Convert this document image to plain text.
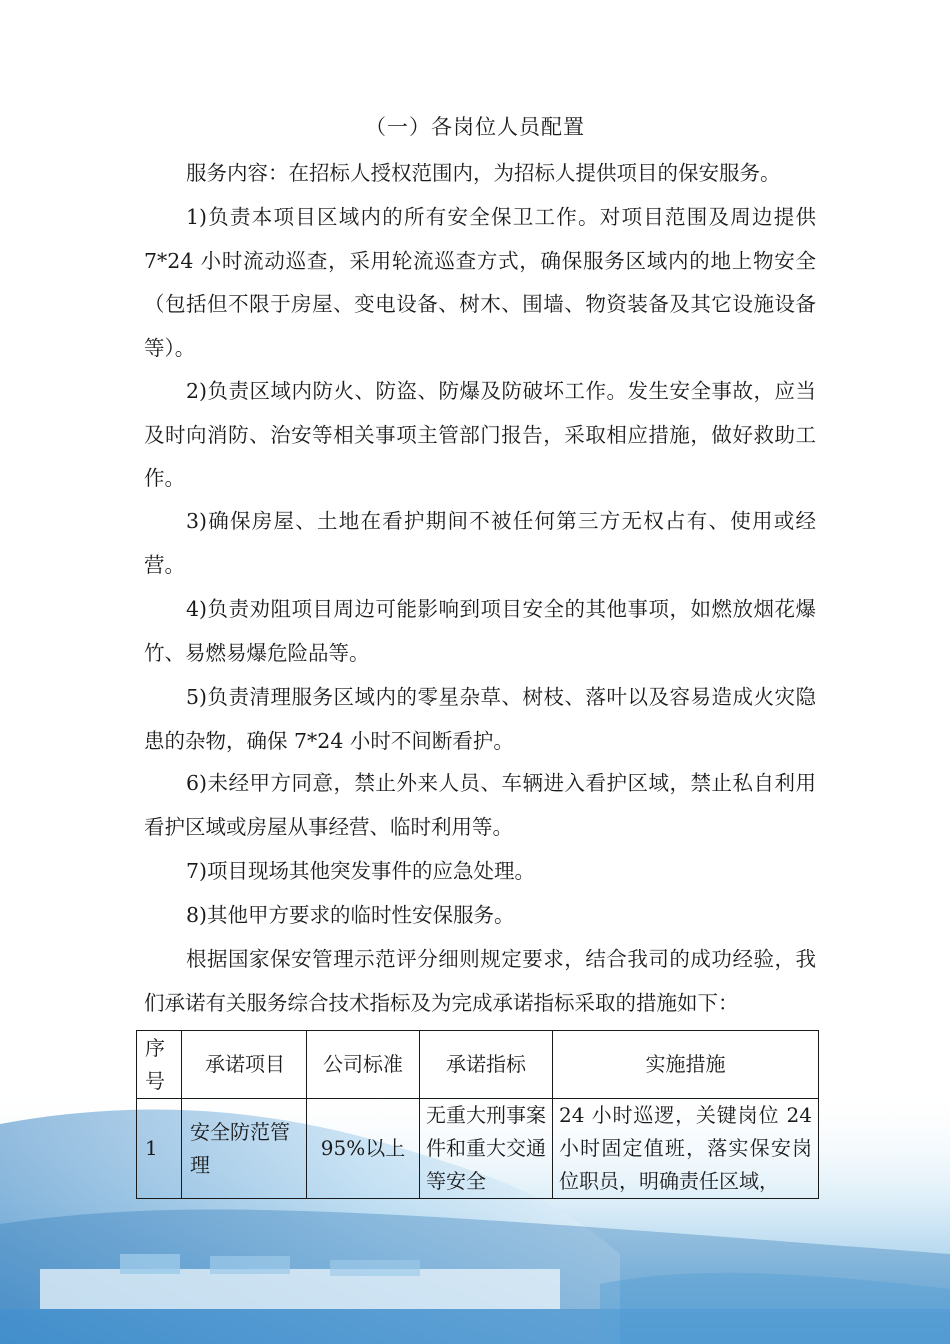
（一）各岗位人员配置
服务内容：在招标人授权范围内，为招标人提供项目的保安服务。
1)负责本项目区域内的所有安全保卫工作。对项目范围及周边提供 7*24 小时流动巡查，采用轮流巡查方式，确保服务区域内的地上物安全（包括但不限于房屋、变电设备、树木、围墙、物资装备及其它设施设备等）。
2)负责区域内防火、防盗、防爆及防破坏工作。发生安全事故，应当及时向消防、治安等相关事项主管部门报告，采取相应措施，做好救助工作。
3)确保房屋、土地在看护期间不被任何第三方无权占有、使用或经营。
4)负责劝阻项目周边可能影响到项目安全的其他事项，如燃放烟花爆竹、易燃易爆危险品等。
5)负责清理服务区域内的零星杂草、树枝、落叶以及容易造成火灾隐患的杂物，确保 7*24 小时不间断看护。
6)未经甲方同意，禁止外来人员、车辆进入看护区域，禁止私自利用看护区域或房屋从事经营、临时利用等。
7)项目现场其他突发事件的应急处理。
8)其他甲方要求的临时性安保服务。
根据国家保安管理示范评分细则规定要求，结合我司的成功经验，我们承诺有关服务综合技术指标及为完成承诺指标采取的措施如下：
序号	承诺项目	公司标准	承诺指标	实施措施
1	安全防范管理	95%以上	无重大刑事案件和重大交通等安全	24 小时巡逻，关键岗位 24 小时固定值班，落实保安岗位职员，明确责任区域，
